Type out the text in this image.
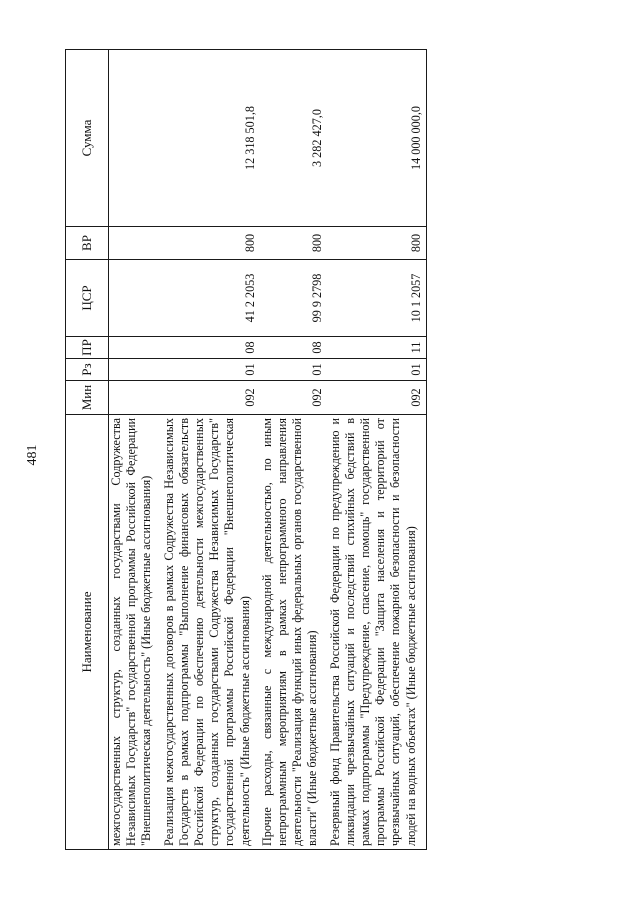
481
Наименование	Мин	Рз	ПР	ЦСР	ВР	Сумма
межгосударственных структур, созданных государствами Содружества Независимых Государств" государственной программы Российской Федерации "Внешнеполитическая деятельность" (Иные бюджетные ассигнования)						
Реализация межгосударственных договоров в рамках Содружества Независимых Государств в рамках подпрограммы "Выполнение финансовых обязательств Российской Федерации по обеспечению деятельности межгосударственных структур, созданных государствами Содружества Независимых Государств" государственной программы Российской Федерации "Внешнеполитическая деятельность" (Иные бюджетные ассигнования)	092	01	08	41 2 2053	800	12 318 501,8
Прочие расходы, связанные с международной деятельностью, по иным непрограммным мероприятиям в рамках непрограммного направления деятельности "Реализация функций иных федеральных органов государственной власти" (Иные бюджетные ассигнования)	092	01	08	99 9 2798	800	3 282 427,0
Резервный фонд Правительства Российской Федерации по предупреждению и ликвидации чрезвычайных ситуаций и последствий стихийных бедствий в рамках подпрограммы "Предупреждение, спасение, помощь" государственной программы Российской Федерации "Защита населения и территорий от чрезвычайных ситуаций, обеспечение пожарной безопасности и безопасности людей на водных объектах" (Иные бюджетные ассигнования)	092	01	11	10 1 2057	800	14 000 000,0
